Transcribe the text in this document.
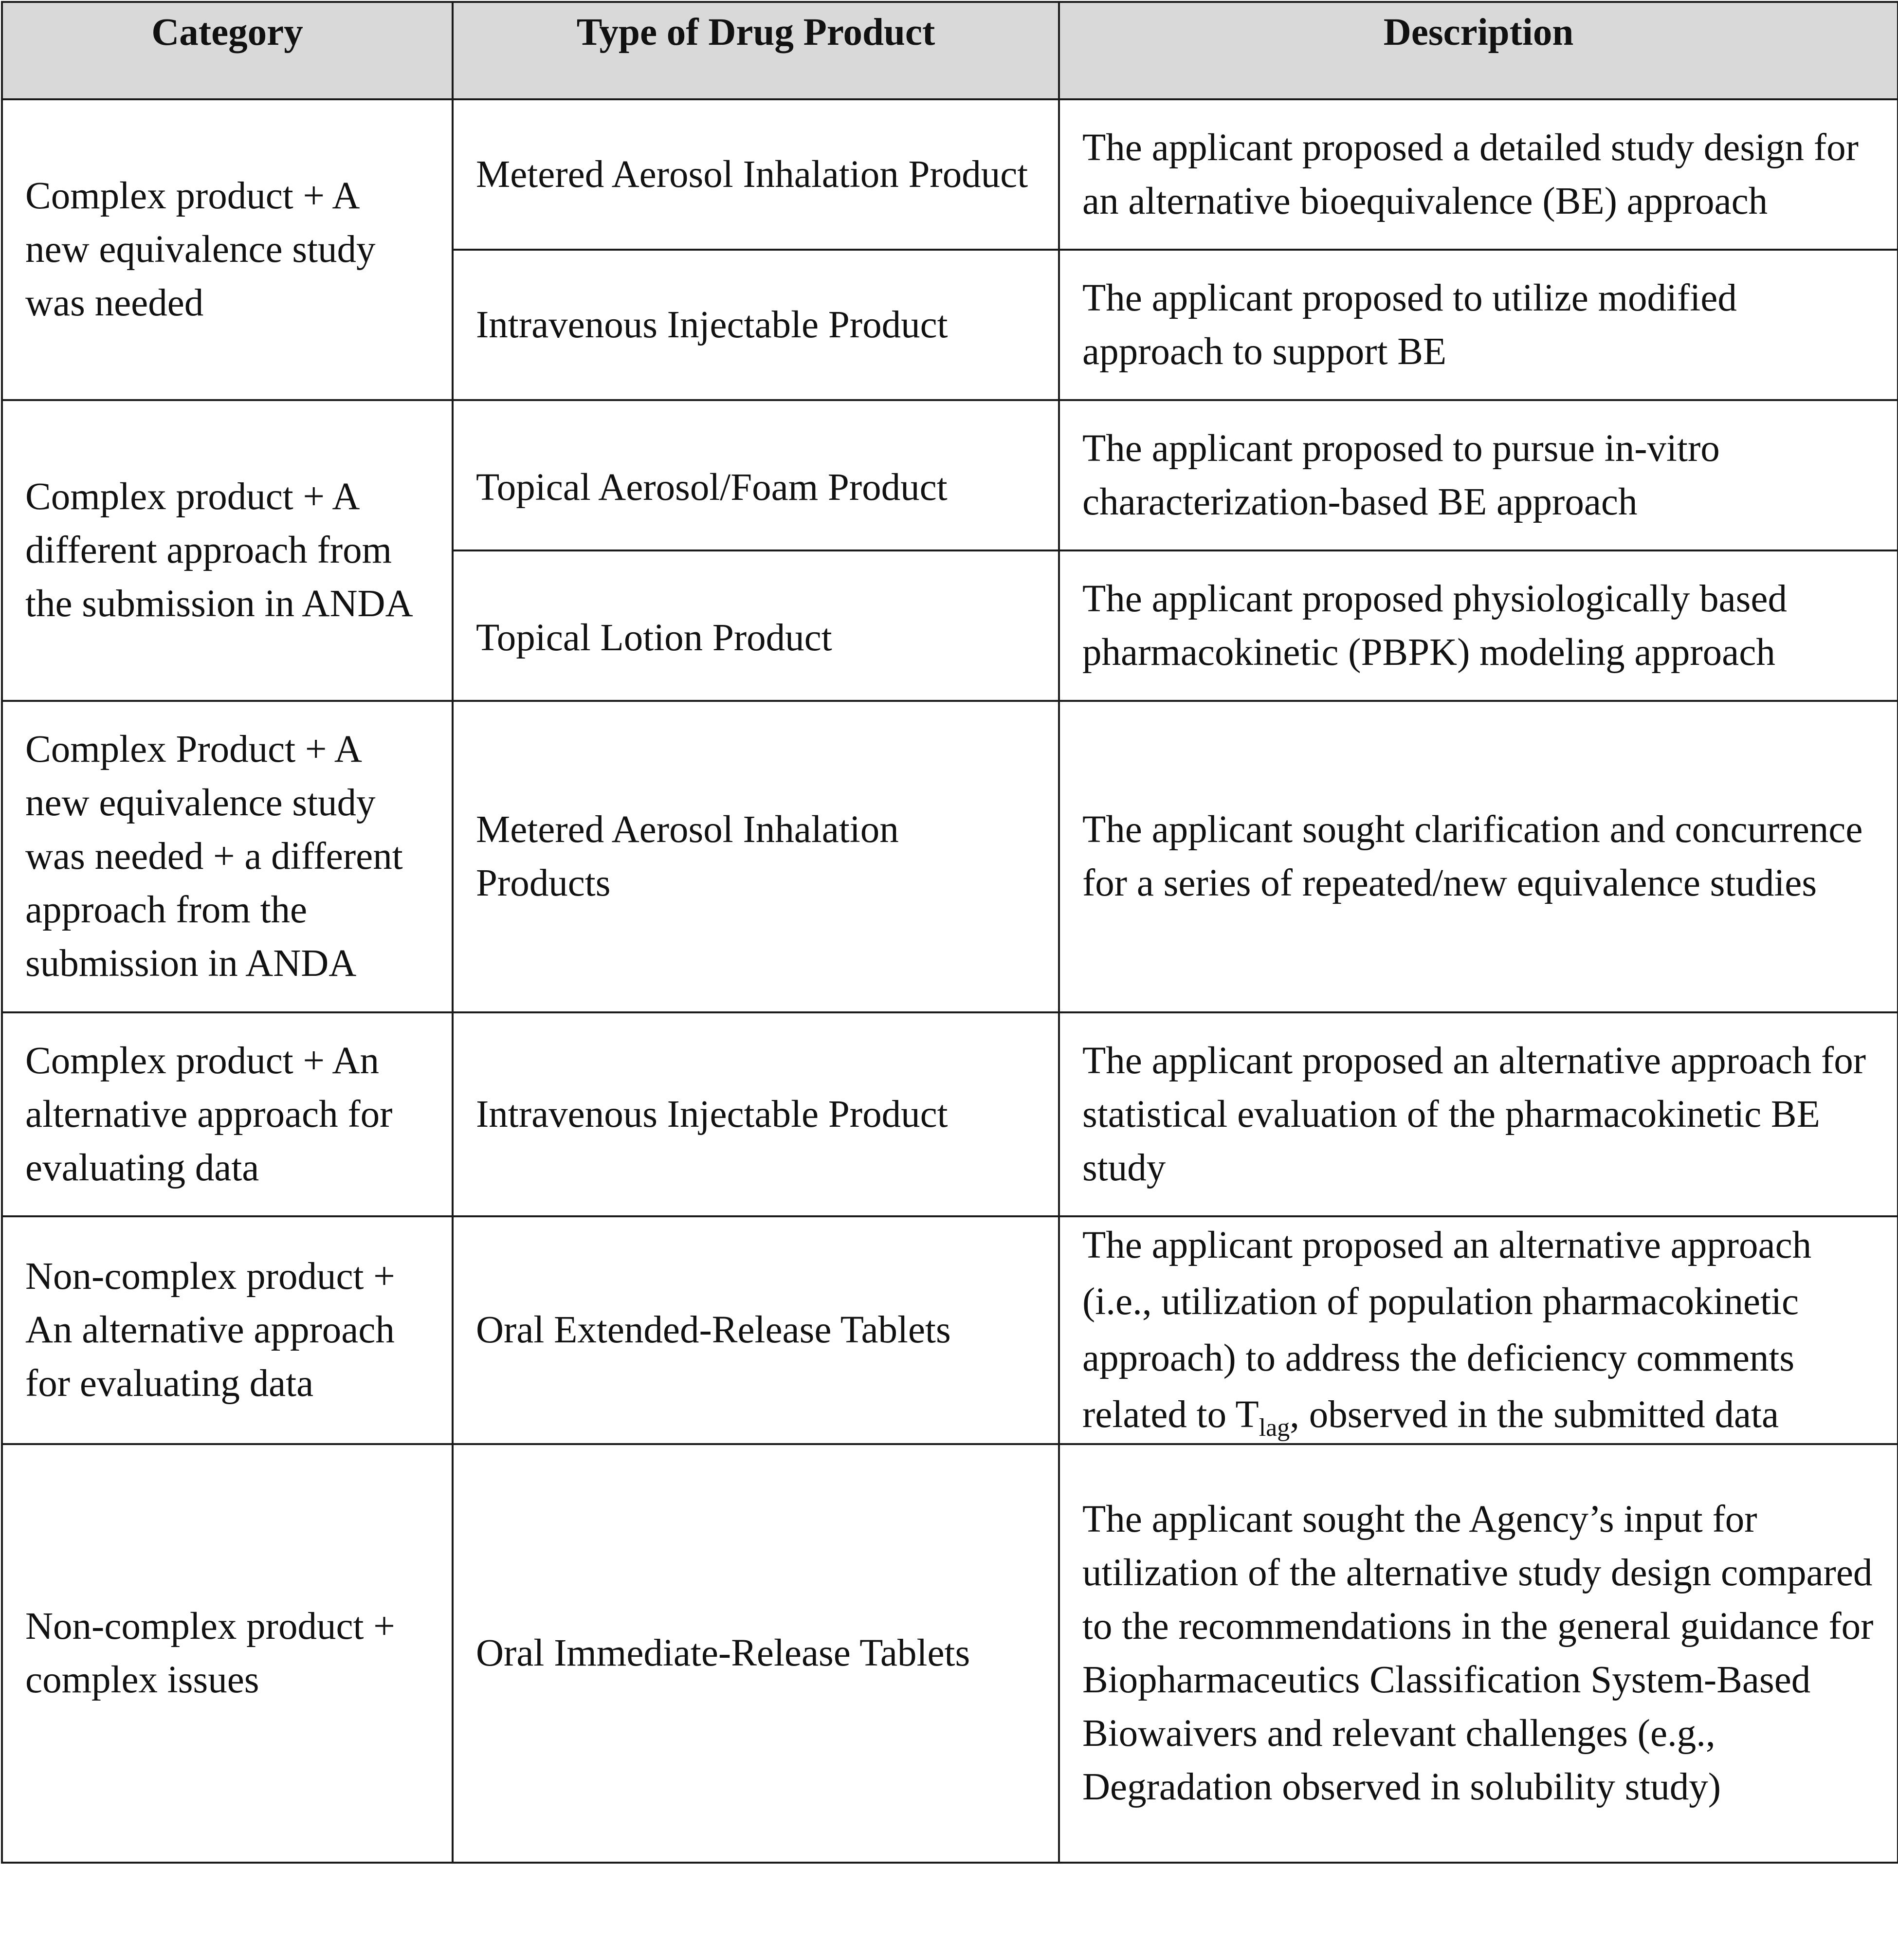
Category	Type of Drug Product	Description
Complex product + A new equivalence study was needed	Metered Aerosol Inhalation Product	The applicant proposed a detailed study design for an alternative bioequivalence (BE) approach
	Intravenous Injectable Product	The applicant proposed to utilize modified approach to support BE
Complex product + A different approach from the submission in ANDA	Topical Aerosol/Foam Product	The applicant proposed to pursue in-vitro characterization-based BE approach
	Topical Lotion Product	The applicant proposed physiologically based pharmacokinetic (PBPK) modeling approach
Complex Product + A new equivalence study was needed + a different approach from the submission in ANDA	Metered Aerosol Inhalation Products	The applicant sought clarification and concurrence for a series of repeated/new equivalence studies
Complex product + An alternative approach for evaluating data	Intravenous Injectable Product	The applicant proposed an alternative approach for statistical evaluation of the pharmacokinetic BE study
Non-complex product + An alternative approach for evaluating data	Oral Extended-Release Tablets	The applicant proposed an alternative approach (i.e., utilization of population pharmacokinetic approach) to address the deficiency comments related to $T_{lag}$, observed in the submitted data
Non-complex product + complex issues	Oral Immediate-Release Tablets	The applicant sought the Agency’s input for utilization of the alternative study design compared to the recommendations in the general guidance for Biopharmaceutics Classification System-Based Biowaivers and relevant challenges (e.g., Degradation observed in solubility study)
